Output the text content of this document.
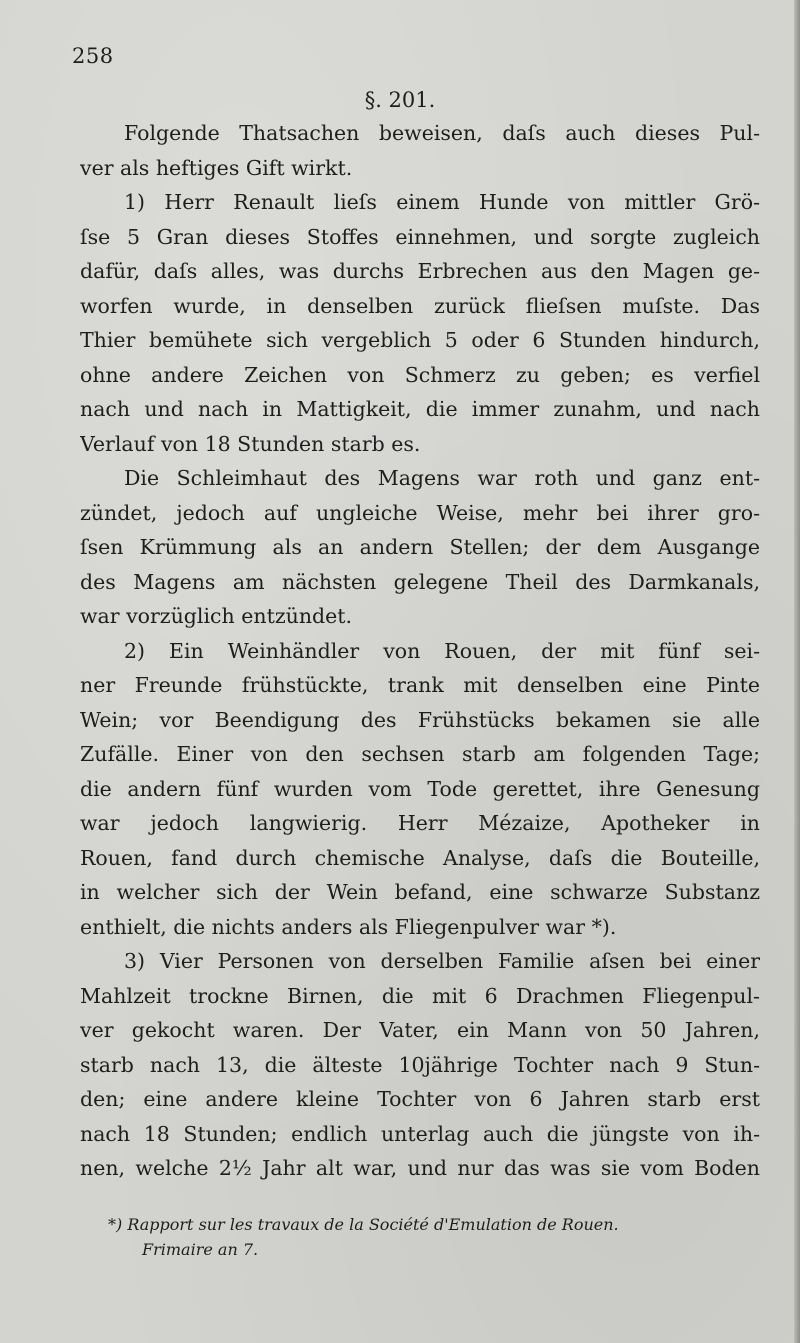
258
§. 201.
Folgende Thatsachen beweisen, daſs auch dieses Pul-
ver als heftiges Gift wirkt.
1) Herr Renault lieſs einem Hunde von mittler Grö-
ſse 5 Gran dieses Stoffes einnehmen, und sorgte zugleich
dafür, daſs alles, was durchs Erbrechen aus den Magen ge-
worfen wurde, in denselben zurück flieſsen muſste. Das
Thier bemühete sich vergeblich 5 oder 6 Stunden hindurch,
ohne andere Zeichen von Schmerz zu geben; es verfiel
nach und nach in Mattigkeit, die immer zunahm, und nach
Verlauf von 18 Stunden starb es.
Die Schleimhaut des Magens war roth und ganz ent-
zündet, jedoch auf ungleiche Weise, mehr bei ihrer gro-
ſsen Krümmung als an andern Stellen; der dem Ausgange
des Magens am nächsten gelegene Theil des Darmkanals,
war vorzüglich entzündet.
2) Ein Weinhändler von Rouen, der mit fünf sei-
ner Freunde frühstückte, trank mit denselben eine Pinte
Wein; vor Beendigung des Frühstücks bekamen sie alle
Zufälle. Einer von den sechsen starb am folgenden Tage;
die andern fünf wurden vom Tode gerettet, ihre Genesung
war jedoch langwierig. Herr Mézaize, Apotheker in
Rouen, fand durch chemische Analyse, daſs die Bouteille,
in welcher sich der Wein befand, eine schwarze Substanz
enthielt, die nichts anders als Fliegenpulver war *).
3) Vier Personen von derselben Familie aſsen bei einer
Mahlzeit trockne Birnen, die mit 6 Drachmen Fliegenpul-
ver gekocht waren. Der Vater, ein Mann von 50 Jahren,
starb nach 13, die älteste 10jährige Tochter nach 9 Stun-
den; eine andere kleine Tochter von 6 Jahren starb erst
nach 18 Stunden; endlich unterlag auch die jüngste von ih-
nen, welche 2½ Jahr alt war, und nur das was sie vom Boden
*) Rapport sur les travaux de la Société d'Emulation de Rouen.
Frimaire an 7.
